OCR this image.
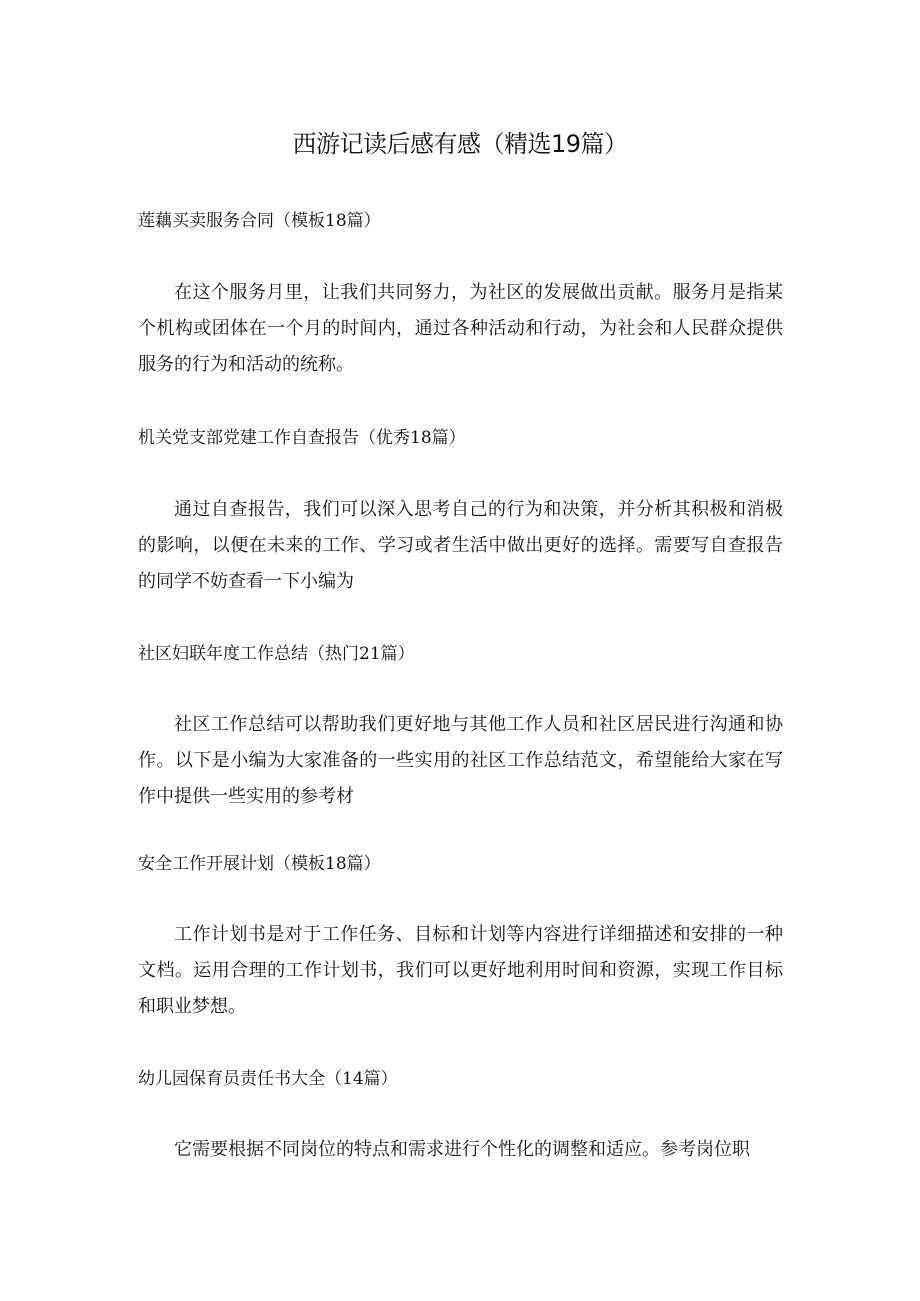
西游记读后感有感（精选19篇）
莲藕买卖服务合同（模板18篇）

在这个服务月里，让我们共同努力，为社区的发展做出贡献。服务月是指某个机构或团体在一个月的时间内，通过各种活动和行动，为社会和人民群众提供服务的行为和活动的统称。

机关党支部党建工作自查报告（优秀18篇）

通过自查报告，我们可以深入思考自己的行为和决策，并分析其积极和消极的影响，以便在未来的工作、学习或者生活中做出更好的选择。需要写自查报告的同学不妨查看一下小编为

社区妇联年度工作总结（热门21篇）

社区工作总结可以帮助我们更好地与其他工作人员和社区居民进行沟通和协作。以下是小编为大家准备的一些实用的社区工作总结范文，希望能给大家在写作中提供一些实用的参考材

安全工作开展计划（模板18篇）

工作计划书是对于工作任务、目标和计划等内容进行详细描述和安排的一种文档。运用合理的工作计划书，我们可以更好地利用时间和资源，实现工作目标和职业梦想。

幼儿园保育员责任书大全（14篇）

它需要根据不同岗位的特点和需求进行个性化的调整和适应。参考岗位职
